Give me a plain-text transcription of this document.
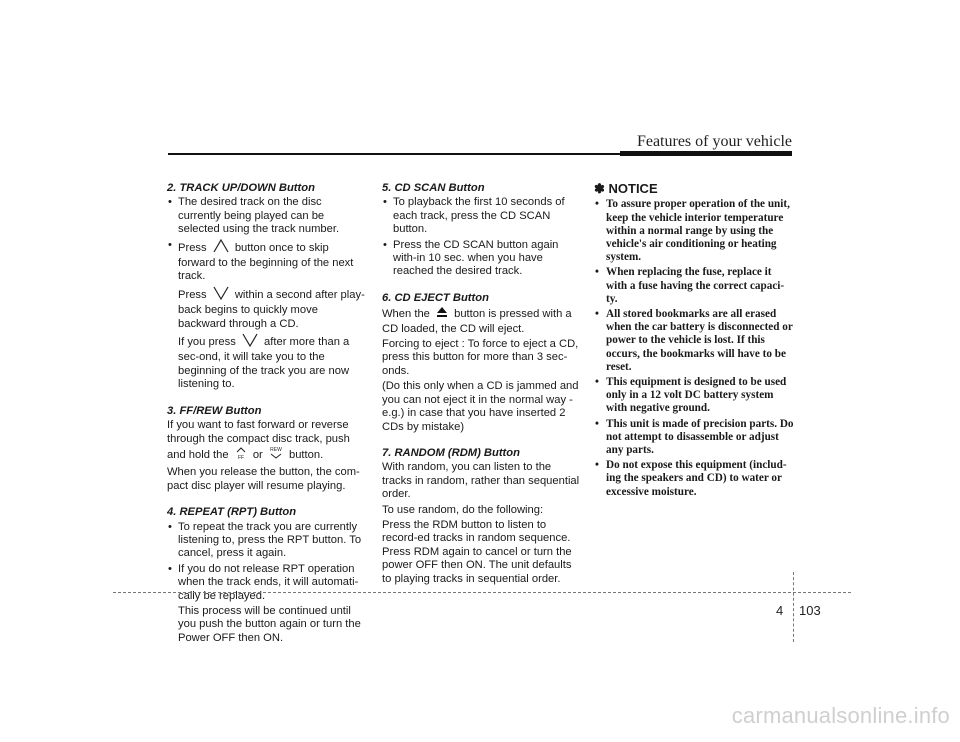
Features of your vehicle
2. TRACK UP/DOWN Button
• The desired track on the disc currently being played can be selected using the track number.
• Press	button once to skip forward to the beginning of the next track.

Press	within a second after play-back begins to quickly move backward through a CD.

If you press	after more than a sec-ond, it will take you to the beginning of the track you are now listening to.

3. FF/REW Button

If you want to fast forward or reverse through the compact disc track, push and hold the FF or REW button.

When you release the button, the com-pact disc player will resume playing.

4. REPEAT (RPT) Button
• To repeat the track you are currently listening to, press the RPT button. To cancel, press it again.
• If you do not release RPT operation when the track ends, it will automati-cally be replayed.

This process will be continued until you push the button again or turn the Power OFF then ON.

5. CD SCAN Button
• To playback the first 10 seconds of each track, press the CD SCAN button.
• Press the CD SCAN button again with-in 10 sec. when you have reached the desired track.
6. CD EJECT Button

When the button is pressed with a CD loaded, the CD will eject.

Forcing to eject : To force to eject a CD, press this button for more than 3 sec-onds.

(Do this only when a CD is jammed and you can not eject it in the normal way - e.g.) in case that you have inserted 2 CDs by mistake)

7. RANDOM (RDM) Button

With random, you can listen to the tracks in random, rather than sequential order.

To use random, do the following:

Press the RDM button to listen to record-ed tracks in random sequence. Press RDM again to cancel or turn the power OFF then ON. The unit defaults to playing tracks in sequential order.

✽ NOTICE
• To assure proper operation of the unit, keep the vehicle interior temperature within a normal range by using the vehicle's air conditioning or heating system.
• When replacing the fuse, replace it with a fuse having the correct capaci-ty.
• All stored bookmarks are all erased when the car battery is disconnected or power to the vehicle is lost. If this occurs, the bookmarks will have to be reset.
• This equipment is designed to be used only in a 12 volt DC battery system with negative ground.
• This unit is made of precision parts. Do not attempt to disassemble or adjust any parts.
• Do not expose this equipment (includ-ing the speakers and CD) to water or excessive moisture.
4 103
carmanualsonline.info
